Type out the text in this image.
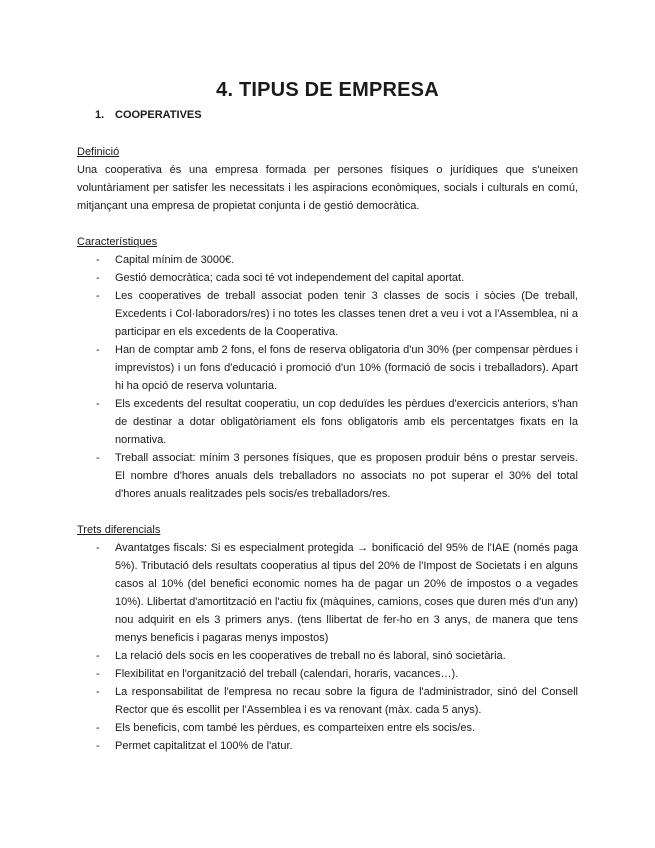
4. TIPUS DE EMPRESA
1. COOPERATIVES
Definició

Una cooperativa és una empresa formada per persones físiques o jurídiques que s'uneixen voluntàriament per satisfer les necessitats i les aspiracions econòmiques, socials i culturals en comú, mitjançant una empresa de propietat conjunta i de gestió democràtica.

Característiques
- Capital mínim de 3000€.
- Gestió democràtica; cada soci té vot independement del capital aportat.
- Les cooperatives de treball associat poden tenir 3 classes de socis i sòcies (De treball, Excedents i Col·laboradors/res) i no totes les classes tenen dret a veu i vot a l'Assemblea, ni a participar en els excedents de la Cooperativa.
- Han de comptar amb 2 fons, el fons de reserva obligatoria d'un 30% (per compensar pèrdues i imprevistos) i un fons d'educació i promoció d'un 10% (formació de socis i treballadors). Apart hi ha opció de reserva voluntaria.
- Els excedents del resultat cooperatiu, un cop deduïdes les pèrdues d'exercicis anteriors, s'han de destinar a dotar obligatòriament els fons obligatoris amb els percentatges fixats en la normativa.
- Treball associat: mínim 3 persones físiques, que es proposen produir béns o prestar serveis. El nombre d'hores anuals dels treballadors no associats no pot superar el 30% del total d'hores anuals realitzades pels socis/es treballadors/res.
Trets diferencials
- Avantatges fiscals: Si es especialment protegida → bonificació del 95% de l'IAE (només paga 5%). Tributació dels resultats cooperatius al tipus del 20% de l'Impost de Societats i en alguns casos al 10% (del benefici economic nomes ha de pagar un 20% de impostos o a vegades 10%). Llibertat d'amortització en l'actiu fix (màquines, camions, coses que duren més d'un any) nou adquirit en els 3 primers anys. (tens llibertat de fer-ho en 3 anys, de manera que tens menys beneficis i pagaras menys impostos)
- La relació dels socis en les cooperatives de treball no és laboral, sinó societària.
- Flexibilitat en l'organització del treball (calendari, horaris, vacances…).
- La responsabilitat de l'empresa no recau sobre la figura de l'administrador, sinó del Consell Rector que és escollit per l'Assemblea i es va renovant (màx. cada 5 anys).
- Els beneficis, com també les pèrdues, es comparteixen entre els socis/es.
- Permet capitalitzat el 100% de l'atur.
